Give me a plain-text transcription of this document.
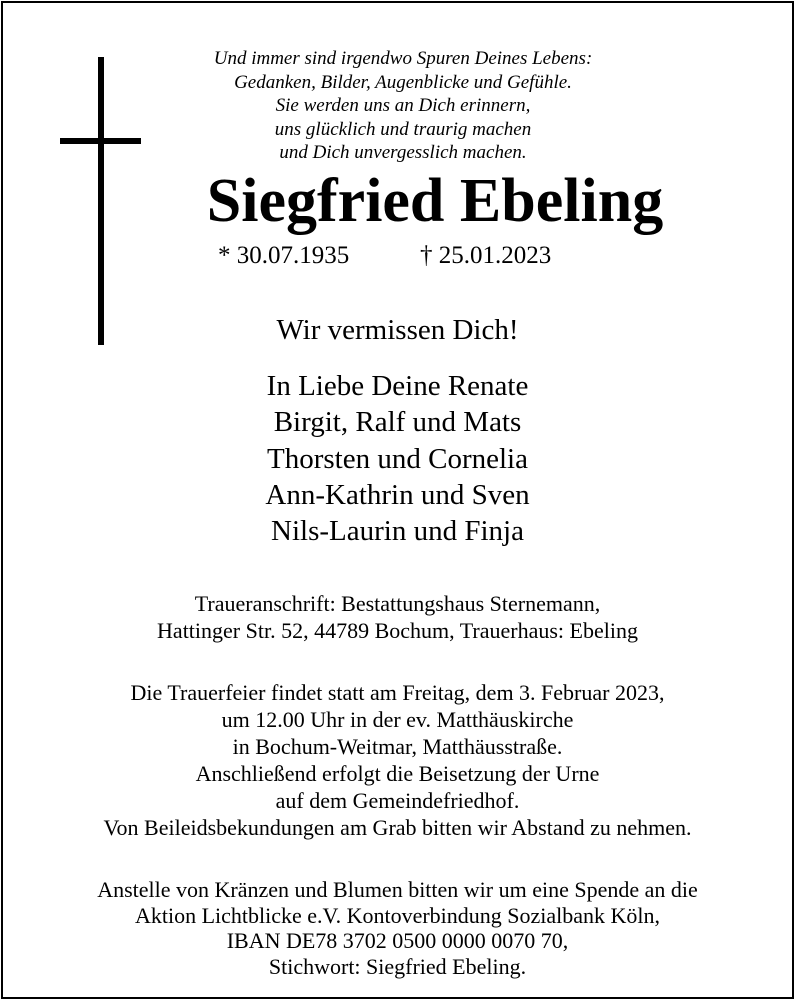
Und immer sind irgendwo Spuren Deines Lebens:
Gedanken, Bilder, Augenblicke und Gefühle.
Sie werden uns an Dich erinnern,
uns glücklich und traurig machen
und Dich unvergesslich machen.
Siegfried Ebeling
* 30.07.1935	† 25.01.2023
Wir vermissen Dich!
In Liebe Deine Renate
Birgit, Ralf und Mats
Thorsten und Cornelia
Ann-Kathrin und Sven
Nils-Laurin und Finja
Traueranschrift: Bestattungshaus Sternemann,
Hattinger Str. 52, 44789 Bochum, Trauerhaus: Ebeling
Die Trauerfeier findet statt am Freitag, dem 3. Februar 2023,
um 12.00 Uhr in der ev. Matthäuskirche
in Bochum-Weitmar, Matthäusstraße.
Anschließend erfolgt die Beisetzung der Urne
auf dem Gemeindefriedhof.
Von Beileidsbekundungen am Grab bitten wir Abstand zu nehmen.
Anstelle von Kränzen und Blumen bitten wir um eine Spende an die
Aktion Lichtblicke e.V. Kontoverbindung Sozialbank Köln,
IBAN DE78 3702 0500 0000 0070 70,
Stichwort: Siegfried Ebeling.
